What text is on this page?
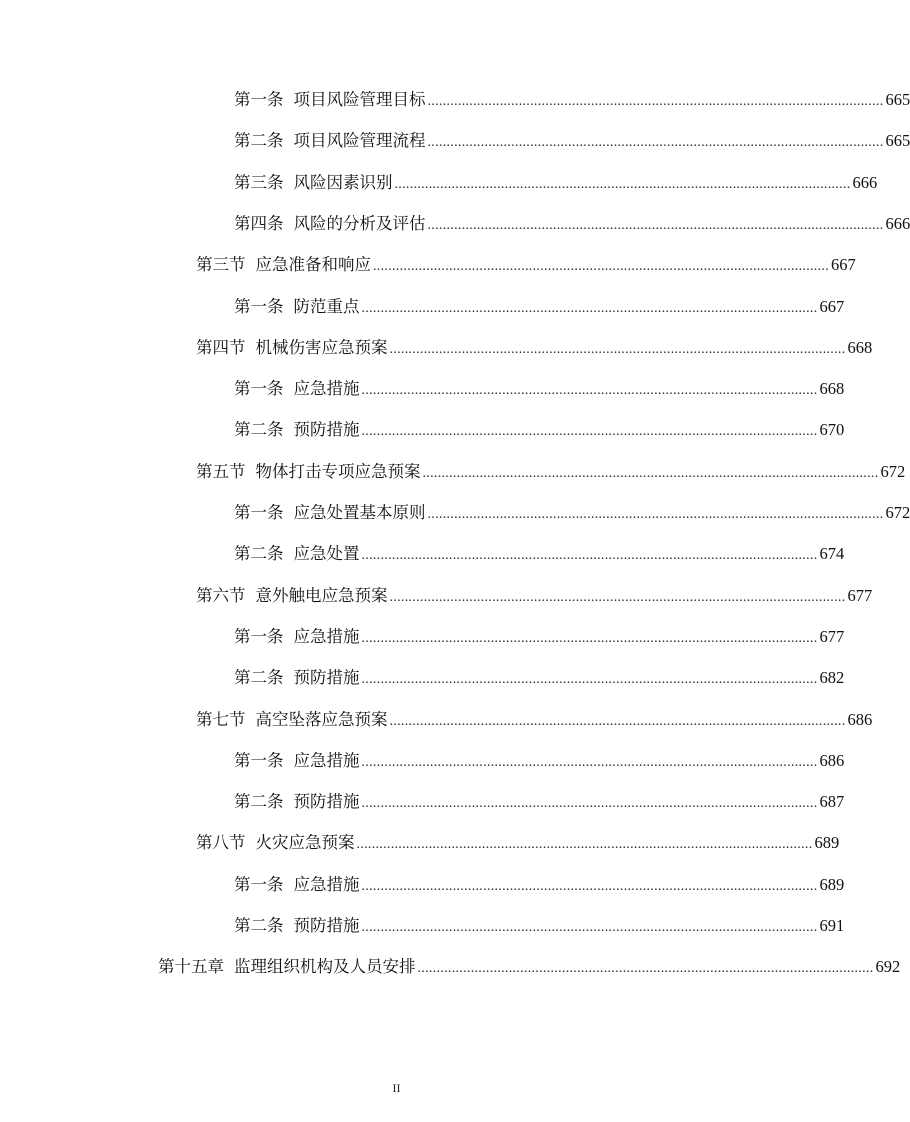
第一条 项目风险管理目标 ........................................................................................................................ 665
第二条 项目风险管理流程 ........................................................................................................................ 665
第三条 风险因素识别 ........................................................................................................................ 666
第四条 风险的分析及评估 ........................................................................................................................ 666
第三节 应急准备和响应 ........................................................................................................................ 667
第一条 防范重点 ........................................................................................................................ 667
第四节 机械伤害应急预案 ........................................................................................................................ 668
第一条 应急措施 ........................................................................................................................ 668
第二条 预防措施 ........................................................................................................................ 670
第五节 物体打击专项应急预案 ........................................................................................................................ 672
第一条 应急处置基本原则 ........................................................................................................................ 672
第二条 应急处置 ........................................................................................................................ 674
第六节 意外触电应急预案 ........................................................................................................................ 677
第一条 应急措施 ........................................................................................................................ 677
第二条 预防措施 ........................................................................................................................ 682
第七节 高空坠落应急预案 ........................................................................................................................ 686
第一条 应急措施 ........................................................................................................................ 686
第二条 预防措施 ........................................................................................................................ 687
第八节 火灾应急预案 ........................................................................................................................ 689
第一条 应急措施 ........................................................................................................................ 689
第二条 预防措施 ........................................................................................................................ 691
第十五章 监理组织机构及人员安排 ........................................................................................................................ 692
II
